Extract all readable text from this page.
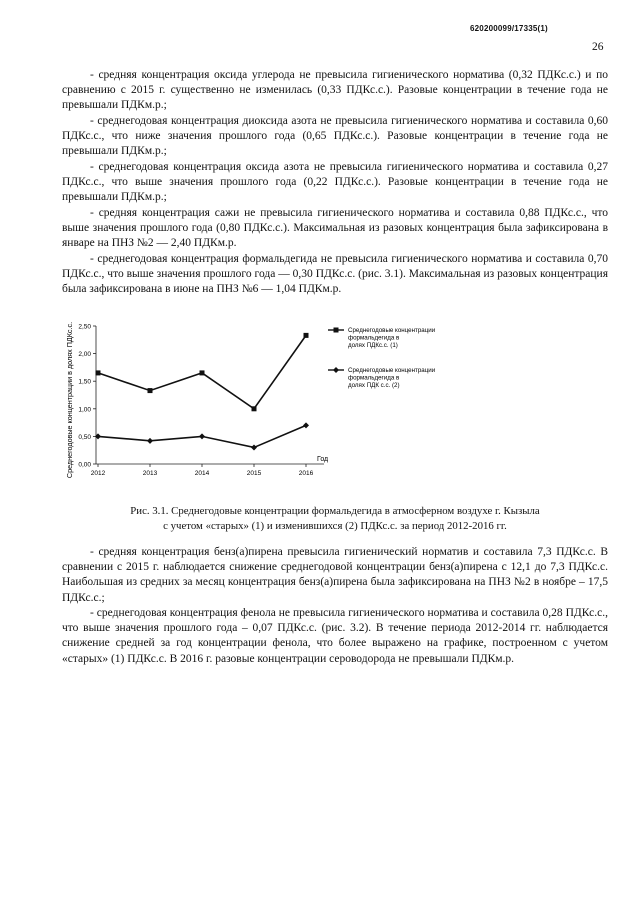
620200099/17335(1)
26

- средняя концентрация оксида углерода не превысила гигиенического норматива (0,32 ПДКс.с.) и по сравнению с 2015 г. существенно не изменилась (0,33 ПДКс.с.). Разовые концентрации в течение года не превышали ПДКм.р.;

- среднегодовая концентрация диоксида азота не превысила гигиенического норматива и составила 0,60 ПДКс.с., что ниже значения прошлого года (0,65 ПДКс.с.). Разовые концентрации в течение года не превышали ПДКм.р.;

- среднегодовая концентрация оксида азота не превысила гигиенического норматива и составила 0,27 ПДКс.с., что выше значения прошлого года (0,22 ПДКс.с.). Разовые концентрации в течение года не превышали ПДКм.р.;

- средняя концентрация сажи не превысила гигиенического норматива и составила 0,88 ПДКс.с., что выше значения прошлого года (0,80 ПДКс.с.). Максимальная из разовых концентрация была зафиксирована в январе на ПНЗ №2 — 2,40 ПДКм.р.

- среднегодовая концентрация формальдегида не превысила гигиенического норматива и составила 0,70 ПДКс.с., что выше значения прошлого года — 0,30 ПДКс.с. (рис. 3.1). Максимальная из разовых концентрация была зафиксирована в июне на ПНЗ №6 — 1,04 ПДКм.р.

Среднегодовые концентрации в долях ПДКс.с.	Год
0,00
0,50
1,00
1,50
2,00
2,50
2012	2013	2014	2015	2016
Среднегодовые концентрации формальдегида в долях ПДКс.с. (1)
Среднегодовые концентрации формальдегида в долях ПДК с.с. (2)
Рис. 3.1. Среднегодовые концентрации формальдегида в атмосферном воздухе г. Кызыла
с учетом «старых» (1) и изменившихся (2) ПДКс.с. за период 2012-2016 гг.

- средняя концентрация бенз(а)пирена превысила гигиенический норматив и составила 7,3 ПДКс.с. В сравнении с 2015 г. наблюдается снижение среднегодовой концентрации бенз(а)пирена с 12,1 до 7,3 ПДКс.с. Наибольшая из средних за месяц концентрация бенз(а)пирена была зафиксирована на ПНЗ №2 в ноябре – 17,5 ПДКс.с.;

- среднегодовая концентрация фенола не превысила гигиенического норматива и составила 0,28 ПДКс.с., что выше значения прошлого года – 0,07 ПДКс.с. (рис. 3.2). В течение периода 2012-2014 гг. наблюдается снижение средней за год концентрации фенола, что более выражено на графике, построенном с учетом «старых» (1) ПДКс.с. В 2016 г. разовые концентрации сероводорода не превышали ПДКм.р.
